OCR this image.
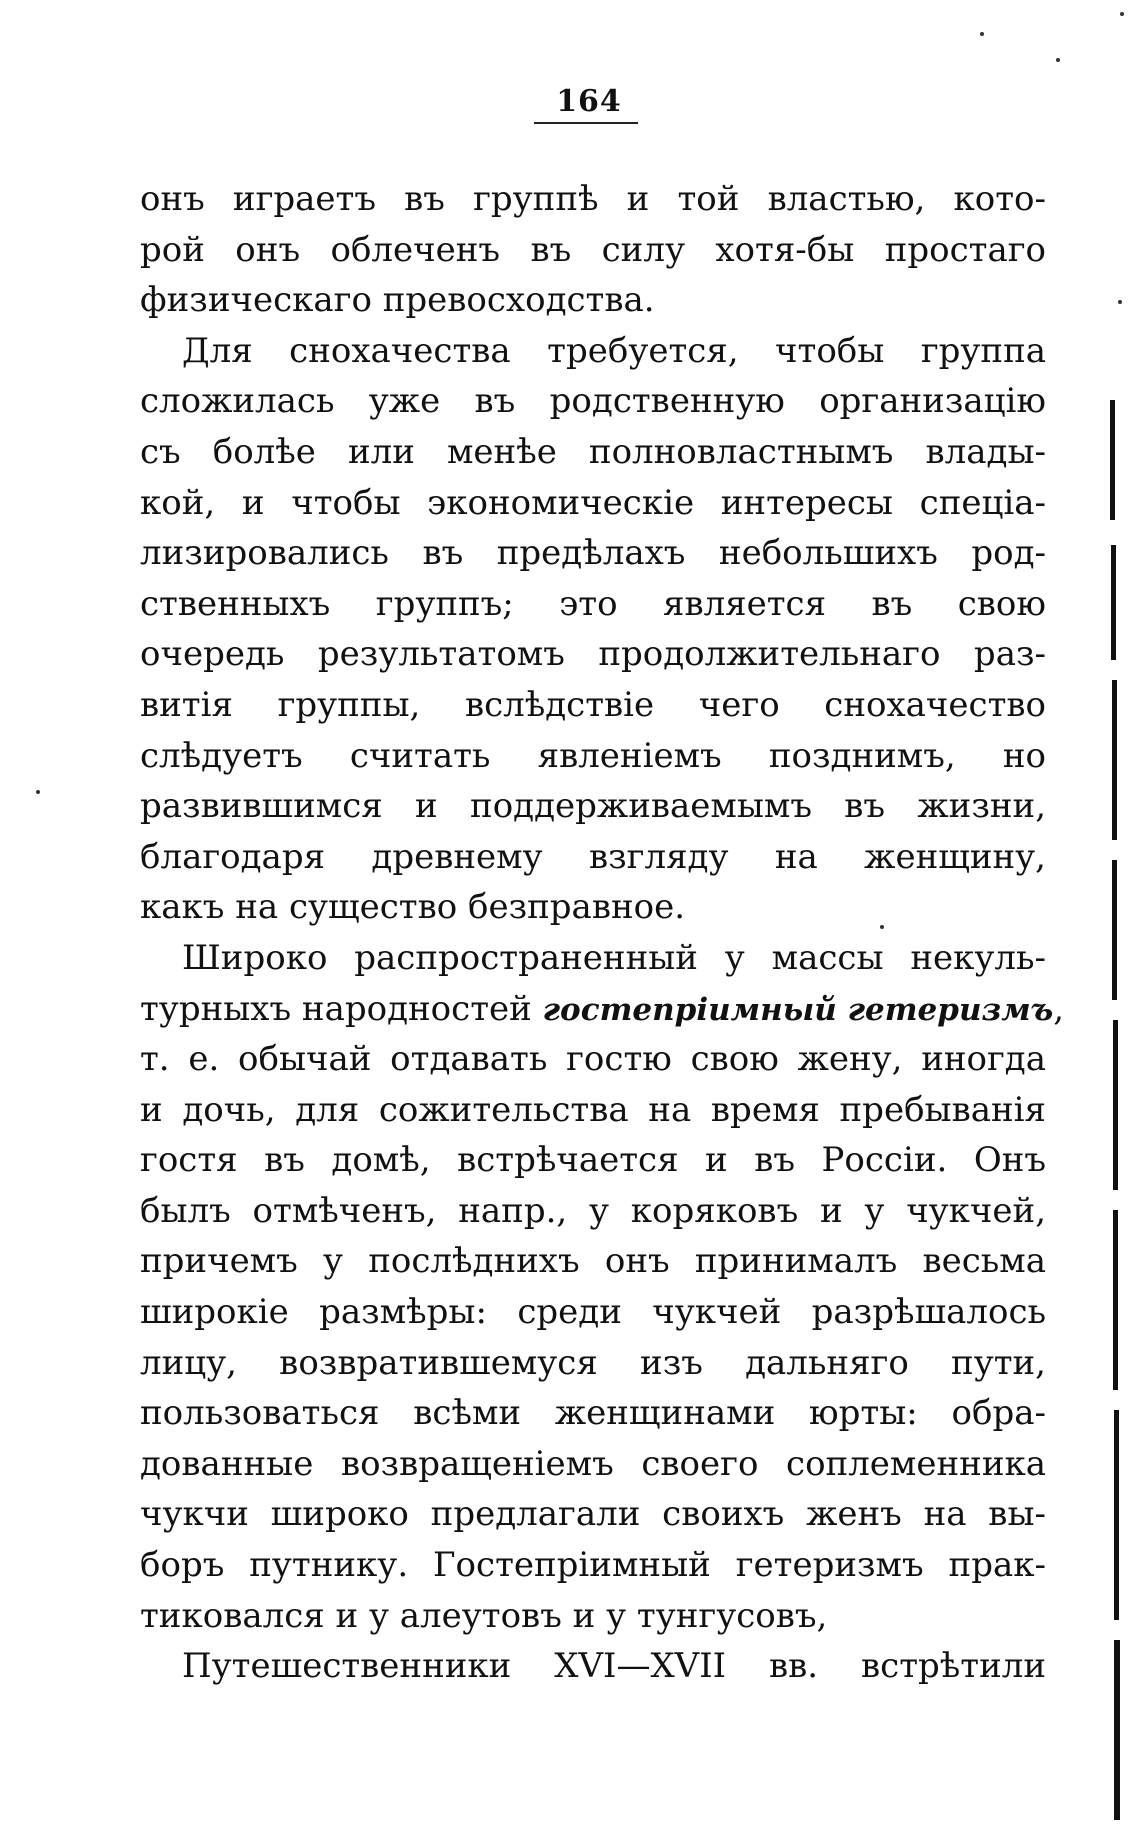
164
онъ играетъ въ группѣ и той властью, кото-
рой онъ облеченъ въ силу хотя-бы простаго
физическаго превосходства.
Для снохачества требуется, чтобы группа
сложилась уже въ родственную организацію
съ болѣе или менѣе полновластнымъ влады-
кой, и чтобы экономическіе интересы спеціа-
лизировались въ предѣлахъ небольшихъ род-
ственныхъ группъ; это является въ свою
очередь результатомъ продолжительнаго раз-
витія группы, вслѣдствіе чего снохачество
слѣдуетъ считать явленіемъ позднимъ, но
развившимся и поддерживаемымъ въ жизни,
благодаря древнему взгляду на женщину,
какъ на существо безправное.
Широко распространенный у массы некуль-
турныхъ народностей гостепріимный гетеризмъ,
т. е. обычай отдавать гостю свою жену, иногда
и дочь, для сожительства на время пребыванія
гостя въ домѣ, встрѣчается и въ Россіи. Онъ
былъ отмѣченъ, напр., у коряковъ и у чукчей,
причемъ у послѣднихъ онъ принималъ весьма
широкіе размѣры: среди чукчей разрѣшалось
лицу, возвратившемуся изъ дальняго пути,
пользоваться всѣми женщинами юрты: обра-
дованные возвращеніемъ своего соплеменника
чукчи широко предлагали своихъ женъ на вы-
боръ путнику. Гостепріимный гетеризмъ прак-
тиковался и у алеутовъ и у тунгусовъ,
Путешественники XVI—XVII вв. встрѣтили
